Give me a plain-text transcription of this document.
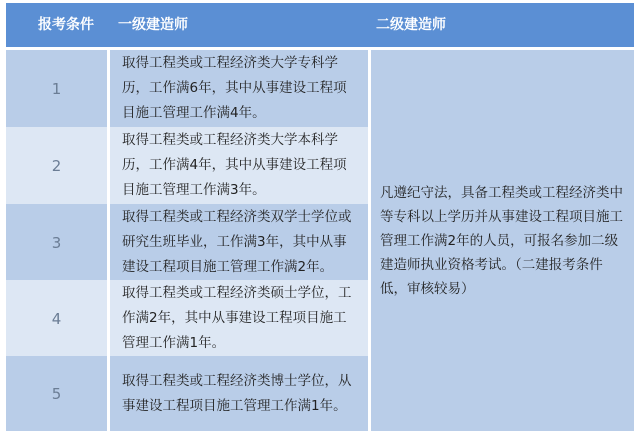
报考条件 一级建造师	二级建造师
1
取得工程类或工程经济类大学专科学历，工作满6年，其中从事建设工程项目施工管理工作满4年。
2
取得工程类或工程经济类大学本科学历，工作满4年，其中从事建设工程项目施工管理工作满3年。
3
取得工程类或工程经济类双学士学位或研究生班毕业，工作满3年，其中从事建设工程项目施工管理工作满2年。
4
取得工程类或工程经济类硕士学位，工作满2年，其中从事建设工程项目施工管理工作满1年。
5
取得工程类或工程经济类博士学位，从事建设工程项目施工管理工作满1年。
凡遵纪守法，具备工程类或工程经济类中等专科以上学历并从事建设工程项目施工管理工作满2年的人员，可报名参加二级建造师执业资格考试。（二建报考条件低，审核较易）
